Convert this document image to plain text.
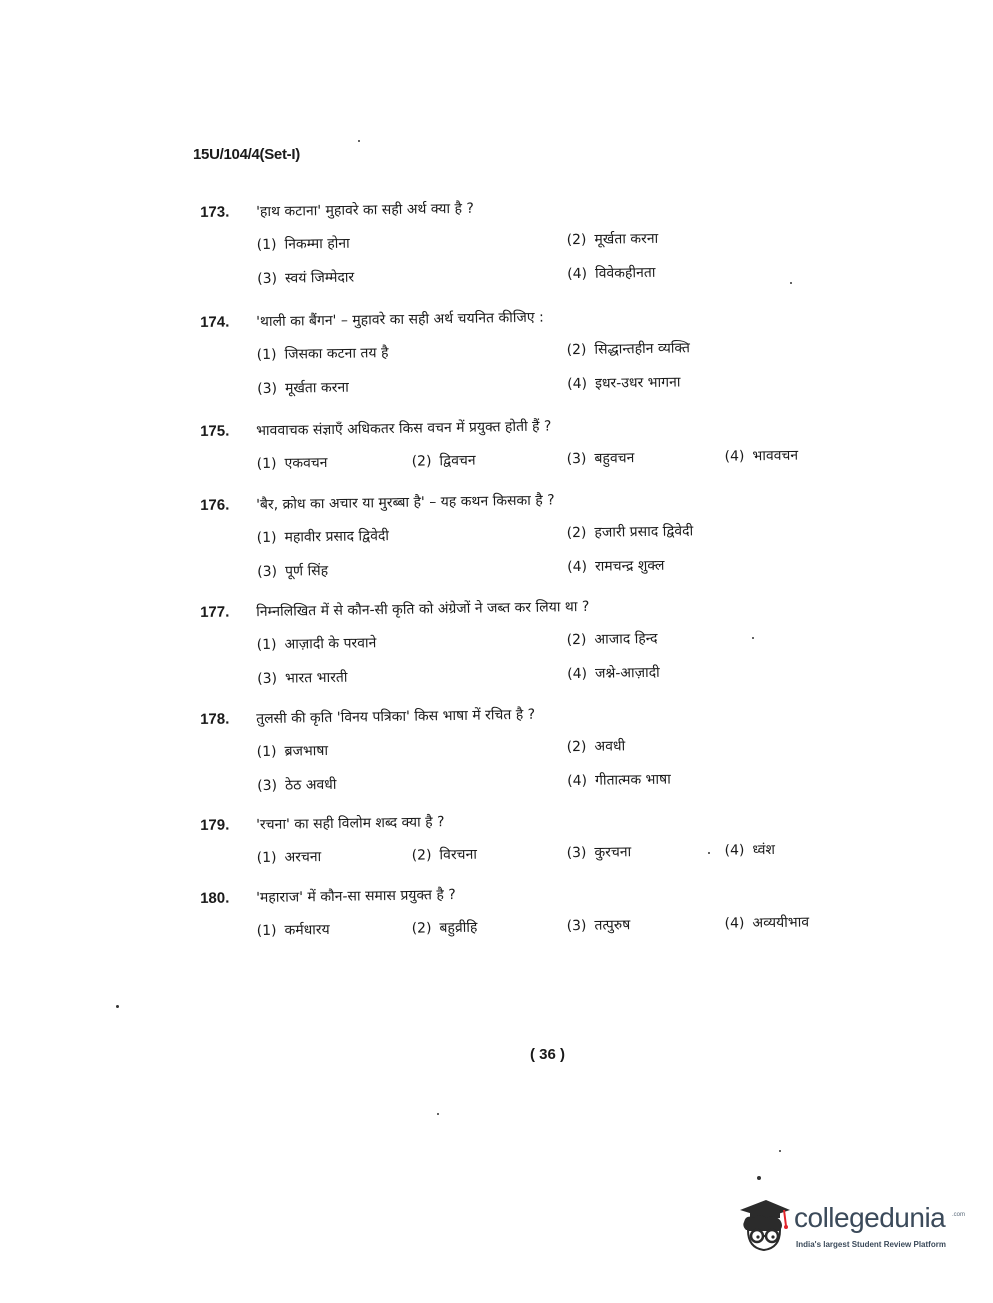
15U/104/4(Set-I)
173.	'हाथ कटाना' मुहावरे का सही अर्थ क्या है ?
(1) निकम्मा होना	(2) मूर्खता करना
(3) स्वयं जिम्मेदार	(4) विवेकहीनता
174.	'थाली का बैंगन' – मुहावरे का सही अर्थ चयनित कीजिए :
(1) जिसका कटना तय है	(2) सिद्धान्तहीन व्यक्ति
(3) मूर्खता करना	(4) इधर-उधर भागना
175.	भाववाचक संज्ञाएँ अधिकतर किस वचन में प्रयुक्त होती हैं ?
(1) एकवचन	(2) द्विवचन	(3) बहुवचन	(4) भाववचन
176.	'बैर, क्रोध का अचार या मुरब्बा है' – यह कथन किसका है ?
(1) महावीर प्रसाद द्विवेदी	(2) हजारी प्रसाद द्विवेदी
(3) पूर्ण सिंह	(4) रामचन्द्र शुक्ल
177.	निम्नलिखित में से कौन-सी कृति को अंग्रेजों ने जब्त कर लिया था ?
(1) आज़ादी के परवाने	(2) आजाद हिन्द
(3) भारत भारती	(4) जश्ने-आज़ादी
178.	तुलसी की कृति 'विनय पत्रिका' किस भाषा में रचित है ?
(1) ब्रजभाषा	(2) अवधी
(3) ठेठ अवधी	(4) गीतात्मक भाषा
179.	'रचना' का सही विलोम शब्द क्या है ?
(1) अरचना	(2) विरचना	(3) कुरचना	(4) ध्वंश
180.	'महाराज' में कौन-सा समास प्रयुक्त है ?
(1) कर्मधारय	(2) बहुव्रीहि	(3) तत्पुरुष	(4) अव्ययीभाव
( 36 )
collegedunia .com
India's largest Student Review Platform
